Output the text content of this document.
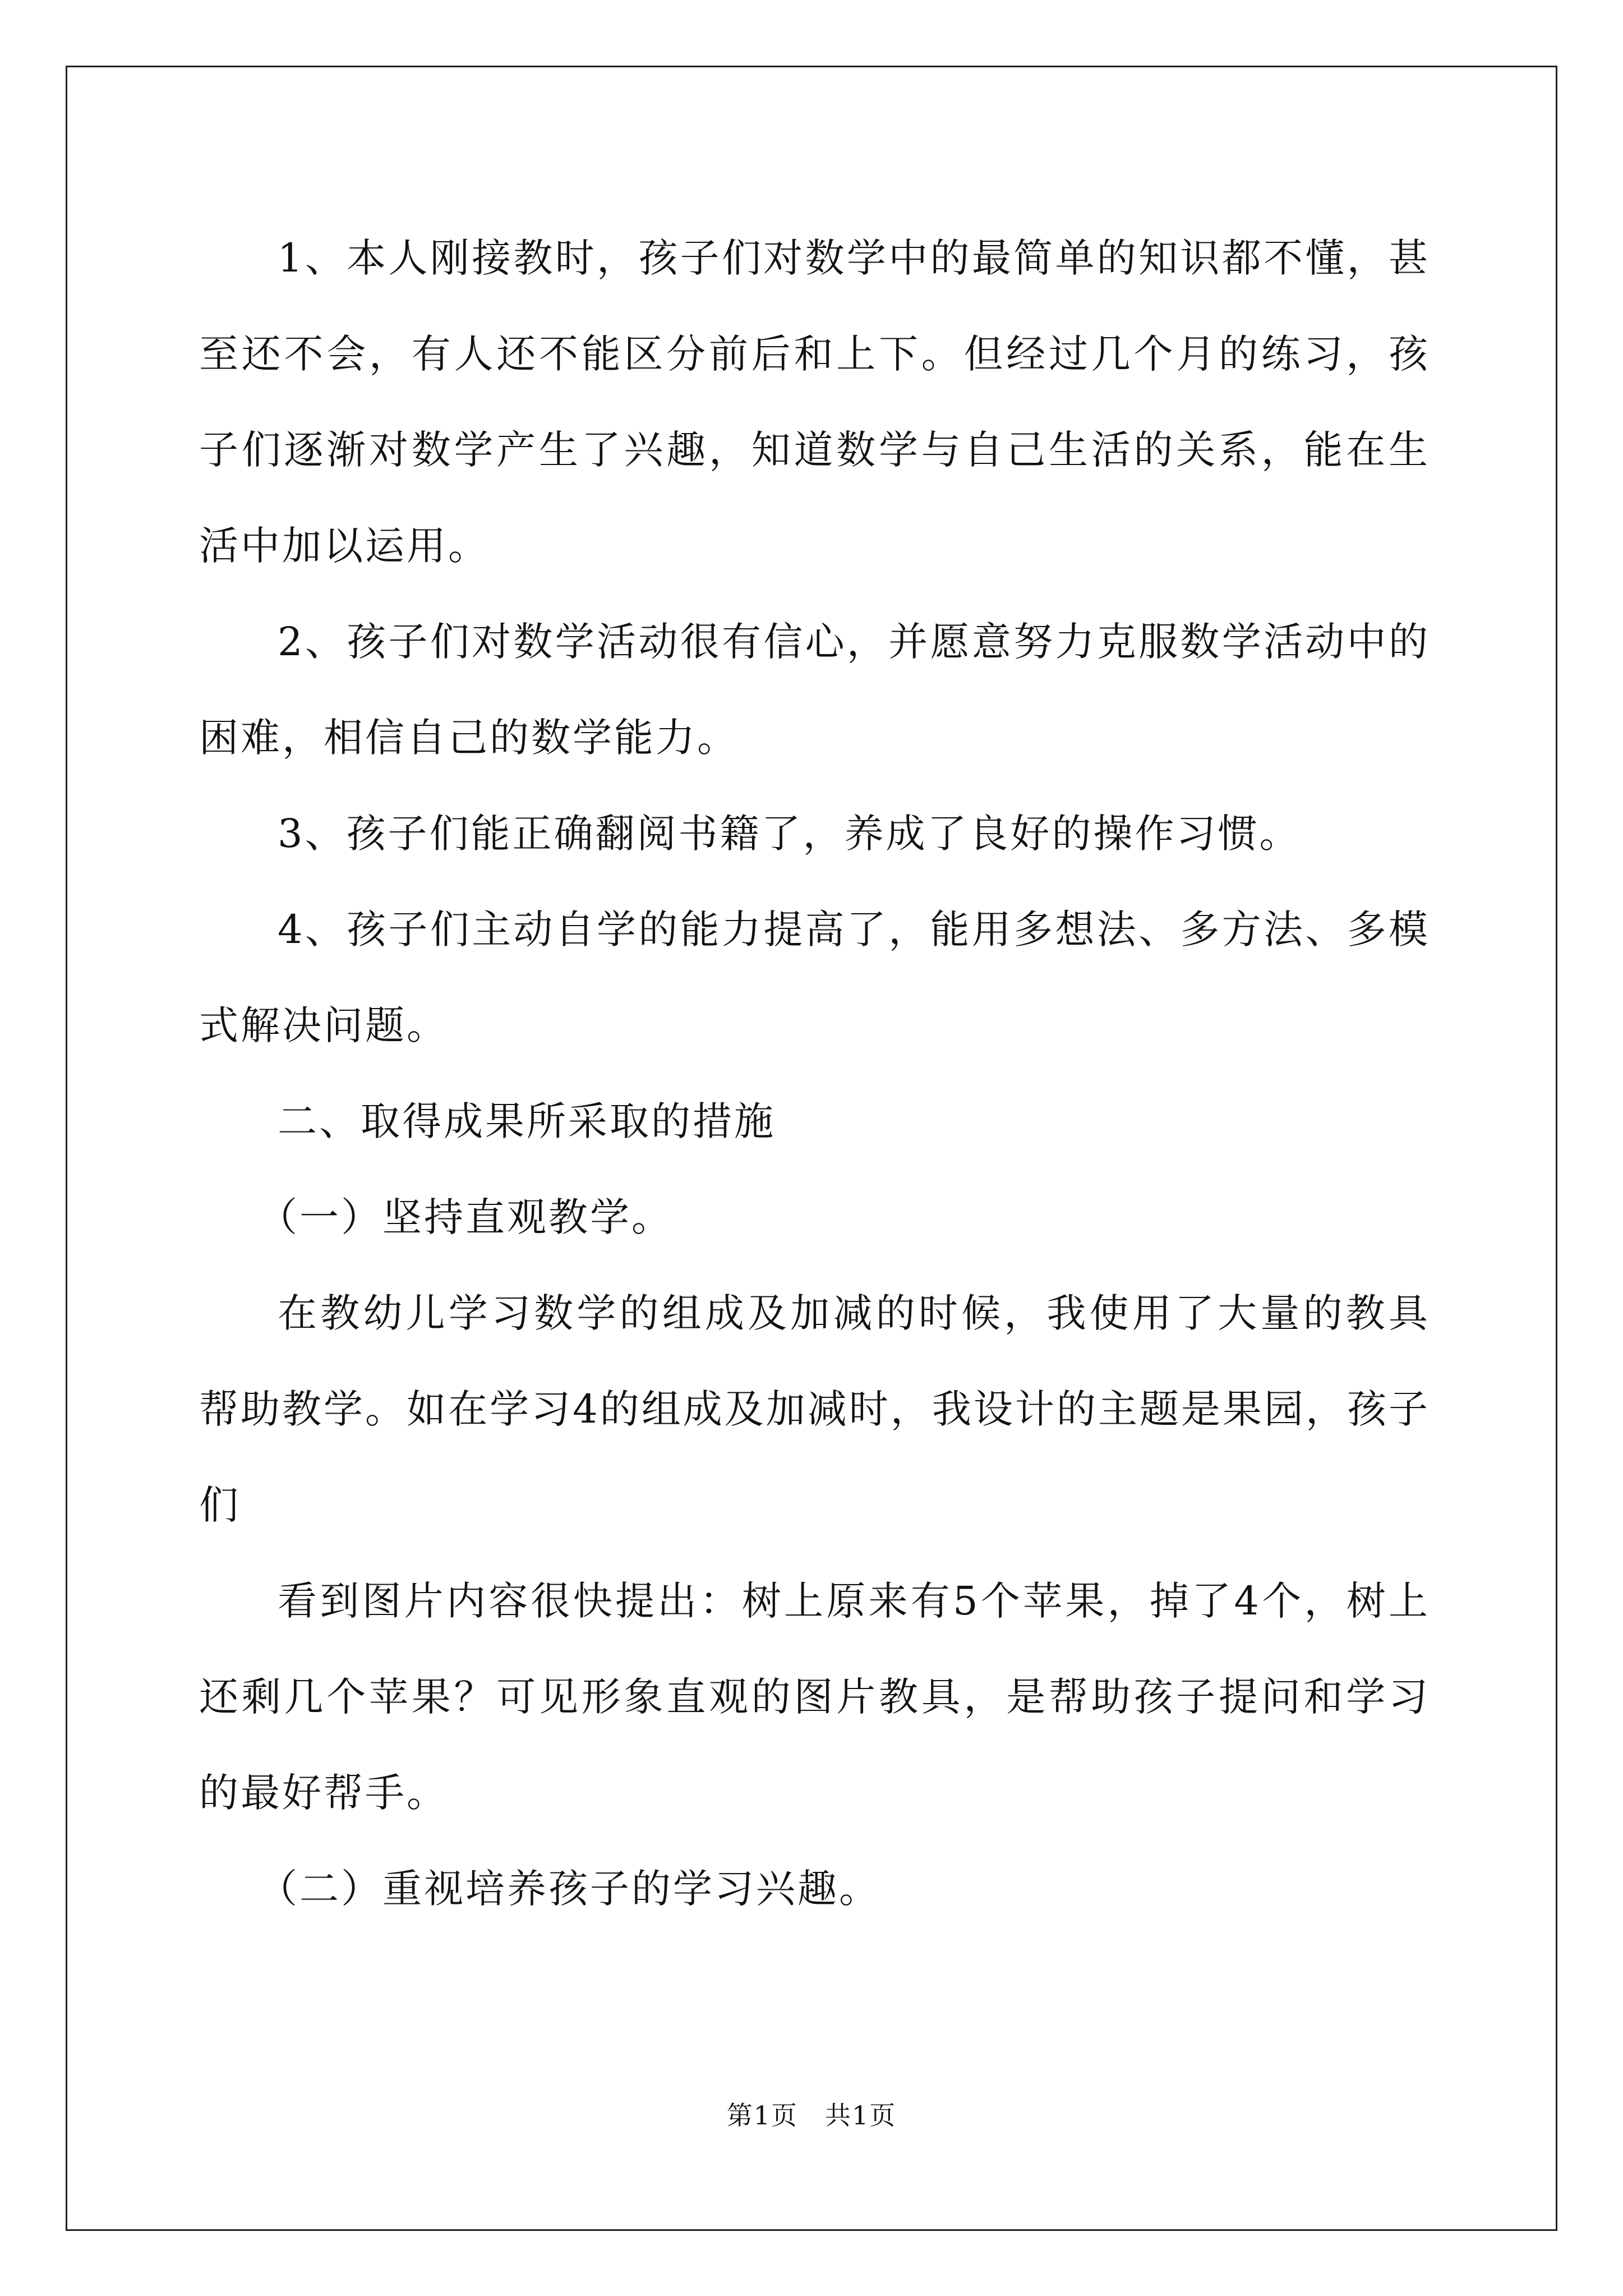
1、本人刚接教时，孩子们对数学中的最简单的知识都不懂，甚至还不会，有人还不能区分前后和上下。但经过几个月的练习，孩子们逐渐对数学产生了兴趣，知道数学与自己生活的关系，能在生活中加以运用。

2、孩子们对数学活动很有信心，并愿意努力克服数学活动中的困难，相信自己的数学能力。

3、孩子们能正确翻阅书籍了，养成了良好的操作习惯。

4、孩子们主动自学的能力提高了，能用多想法、多方法、多模式解决问题。

二、取得成果所采取的措施

（一）坚持直观教学。

在教幼儿学习数学的组成及加减的时候，我使用了大量的教具帮助教学。如在学习4的组成及加减时，我设计的主题是果园，孩子们

看到图片内容很快提出：树上原来有5个苹果，掉了4个，树上还剩几个苹果？可见形象直观的图片教具，是帮助孩子提问和学习的最好帮手。

（二）重视培养孩子的学习兴趣。

第1页　共1页
